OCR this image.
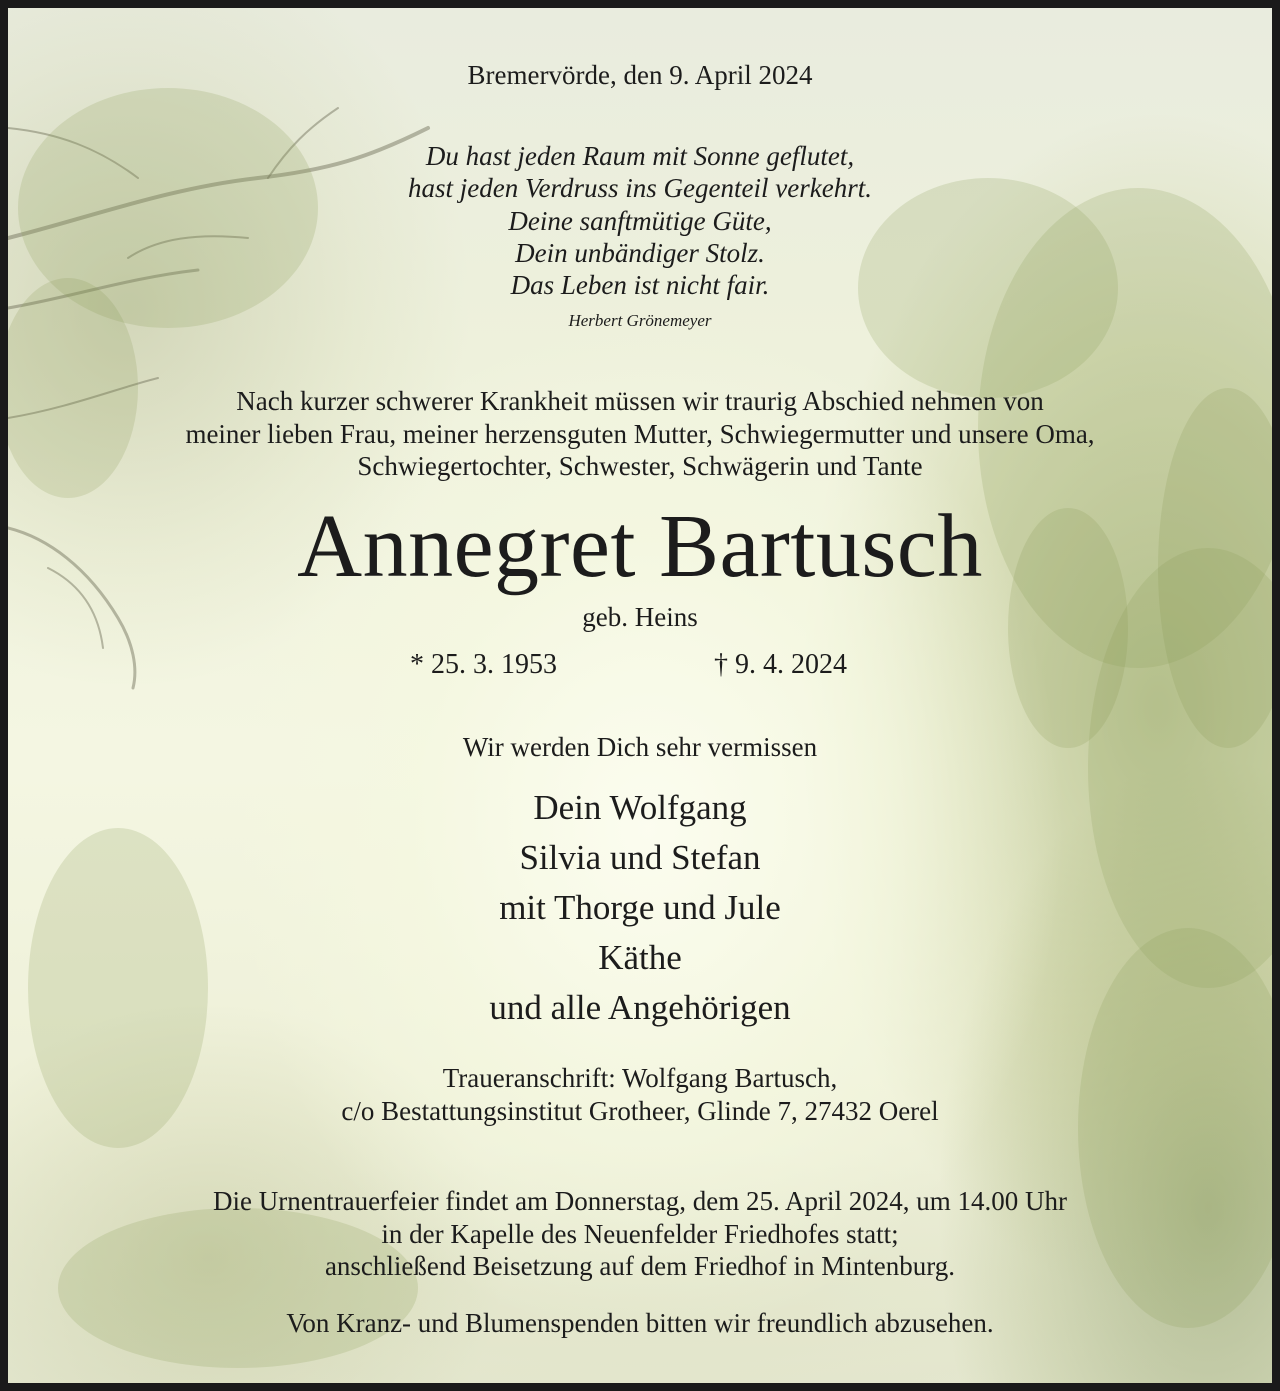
Bremervörde, den 9. April 2024
Du hast jeden Raum mit Sonne geflutet,
hast jeden Verdruss ins Gegenteil verkehrt.
Deine sanftmütige Güte,
Dein unbändiger Stolz.
Das Leben ist nicht fair.
Herbert Grönemeyer
Nach kurzer schwerer Krankheit müssen wir traurig Abschied nehmen von
meiner lieben Frau, meiner herzensguten Mutter, Schwiegermutter und unsere Oma,
Schwiegertochter, Schwester, Schwägerin und Tante
Annegret Bartusch
geb. Heins
* 25. 3. 1953	† 9. 4. 2024
Wir werden Dich sehr vermissen
Dein Wolfgang
Silvia und Stefan
mit Thorge und Jule
Käthe
und alle Angehörigen
Traueranschrift: Wolfgang Bartusch,
c/o Bestattungsinstitut Grotheer, Glinde 7, 27432 Oerel
Die Urnentrauerfeier findet am Donnerstag, dem 25. April 2024, um 14.00 Uhr
in der Kapelle des Neuenfelder Friedhofes statt;
anschließend Beisetzung auf dem Friedhof in Mintenburg.
Von Kranz- und Blumenspenden bitten wir freundlich abzusehen.
